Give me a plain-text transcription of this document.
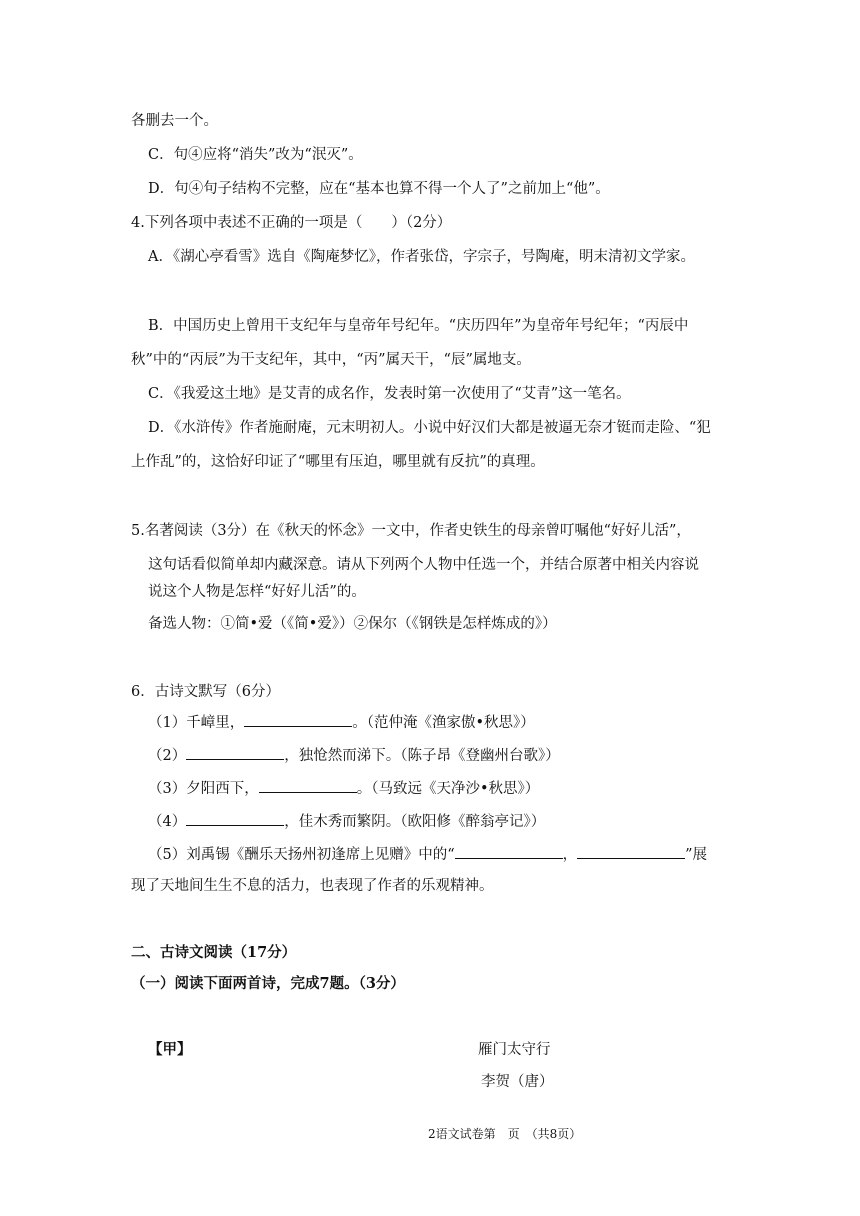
各删去一个。
C．句④应将“消失”改为“泯灭”。
D．句④句子结构不完整，应在“基本也算不得一个人了”之前加上“他”。
4.下列各项中表述不正确的一项是（　　）（2分）
A．《湖心亭看雪》选自《陶庵梦忆》，作者张岱，字宗子，号陶庵，明末清初文学家。
B．中国历史上曾用干支纪年与皇帝年号纪年。“庆历四年”为皇帝年号纪年；“丙辰中
秋”中的“丙辰”为干支纪年，其中，“丙”属天干，“辰”属地支。
C．《我爱这土地》是艾青的成名作，发表时第一次使用了“艾青”这一笔名。
D．《水浒传》作者施耐庵，元末明初人。小说中好汉们大都是被逼无奈才铤而走险、“犯
上作乱”的，这恰好印证了“哪里有压迫，哪里就有反抗”的真理。
5.名著阅读（3分）在《秋天的怀念》一文中，作者史铁生的母亲曾叮嘱他“好好儿活”，
这句话看似简单却内藏深意。请从下列两个人物中任选一个，并结合原著中相关内容说
说这个人物是怎样“好好儿活”的。
备选人物：①简•爱（《简•爱》）②保尔（《钢铁是怎样炼成的》）
6．古诗文默写（6分）
（1）千嶂里，	。（范仲淹《渔家傲•秋思》）
（2）	，独怆然而涕下。（陈子昂《登幽州台歌》）
（3）夕阳西下，	。（马致远《天净沙•秋思》）
（4）	，佳木秀而繁阴。（欧阳修《醉翁亭记》）
（5）刘禹锡《酬乐天扬州初逢席上见赠》中的“	，	”展
现了天地间生生不息的活力，也表现了作者的乐观精神。
二、古诗文阅读（17分）
（一）阅读下面两首诗，完成7题。（3分）
【甲】	雁门太守行
李贺（唐）
2语文试卷第　页　（共8页）
